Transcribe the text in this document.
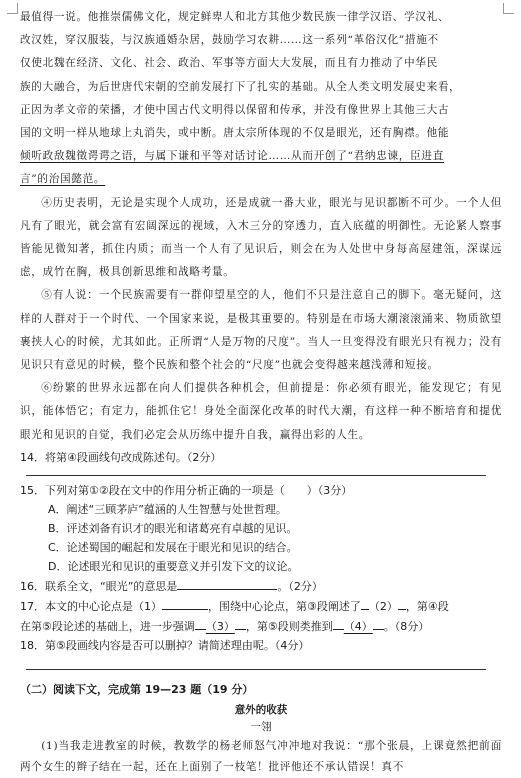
最值得一说。他推崇儒佛文化，规定鲜卑人和北方其他少数民族一律学汉语、学汉礼、
改汉姓，穿汉服装，与汉族通婚杂居，鼓励学习农耕……这一系列“革俗汉化”措施不
仅使北魏在经济、文化、社会、政治、军事等方面大大发展，而且有力推动了中华民
族的大融合，为后世唐代宋朝的空前发展打下了扎实的基础。从全人类文明发展史来看，
正因为孝文帝的荣播，才使中国古代文明得以保留和传承，并没有像世界上其他三大古
国的文明一样从地球上丸消失，或中断。唐太宗所体现的不仅是眼光，还有胸襟。他能
倾听政敌魏徵谔谔之语，与属下谦和平等对话讨论……从而开创了“君纳忠谏，臣进直
言”的治国懿范。

④历史表明，无论是实现个人成功，还是成就一番大业，眼光与见识都断不可少。一个人但凡有了眼光，就会富有宏阔深远的视域，入木三分的穿透力，直入底蕴的明御性。无论紧人察事皆能见微知著，抓住内质；而当一个人有了见识后，则会在为人处世中身每高屋建瓴，深谋远虑，成竹在胸，极具创新思维和战略考量。

⑤有人说：一个民族需要有一群仰望星空的人，他们不只是注意自己的脚下。毫无疑问，这样的人群对于一个时代、一个国家来说，是极其重要的。特别是在市场大潮滚滚涌来、物质欲望裹挟人心的时候，尤其如此。正所谓“人是万物的尺度”。当人一旦变得没有眼光只有视力；没有见识只有意见的时候，整个民族和整个社会的“尺度”也就会变得越来越浅薄和短接。

⑥纷繁的世界永远都在向人们提供各种机会，但前提是：你必须有眼光，能发现它；有见识，能体悟它；有定力，能抓住它！身处全面深化改革的时代大潮，有这样一种不断培育和提优眼光和见识的自觉，我们必定会从历练中提升自我，赢得出彩的人生。

14．将第④段画线句改成陈述句。（2分）

15．下列对第①②段在文中的作用分析正确的一项是（　　）（3分）

A．阐述“三顾茅庐”蕴涵的人生智慧与处世哲理。

B．评述刘备有识才的眼光和诸葛亮有卓越的见识。

C．论述蜀国的崛起和发展在于眼光和见识的结合。

D．论述眼光和见识的重要意义并引发下文的议论。

16．联系全文，“眼光”的意思是	。（2分）

17．本文的中心论点是（1）	，围绕中心论点，第③段阐述了 （2） ，第④段

在第⑤段论述的基础上，进一步强调 （3） ，第⑤段则类推到 （4） 。（8分）

18．第⑤段画线内容是否可以删掉？请简述理由呢。（4分）

（二）阅读下文，完成第 19—23 题（19 分）

意外的收获

一翎

(1)当我走进教室的时候，教数学的杨老师怒气冲冲地对我说：“那个张晨，上课竟然把前面两个女生的辫子结在一起，还在上面别了一枝笔！批评他还不承认错误！真不
